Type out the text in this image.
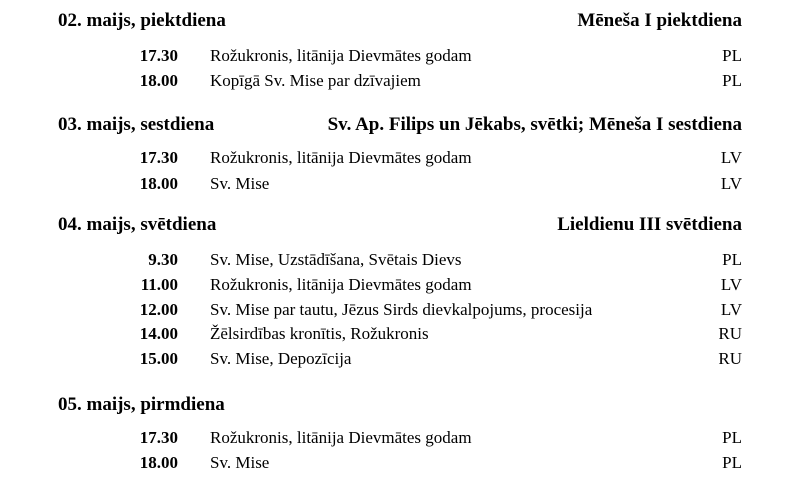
02. maijs, piektdiena	Mēneša I piektdiena
17.30 Rožukronis, litānija Dievmātes godam	PL
18.00 Kopīgā Sv. Mise par dzīvajiem	PL
03. maijs, sestdiena	Sv. Ap. Filips un Jēkabs, svētki; Mēneša I sestdiena
17.30 Rožukronis, litānija Dievmātes godam	LV
18.00 Sv. Mise	LV
04. maijs, svētdiena	Lieldienu III svētdiena
9.30 Sv. Mise, Uzstādīšana, Svētais Dievs	PL
11.00 Rožukronis, litānija Dievmātes godam	LV
12.00 Sv. Mise par tautu, Jēzus Sirds dievkalpojums, procesija	LV
14.00 Žēlsirdības kronītis, Rožukronis	RU
15.00 Sv. Mise, Depozīcija	RU
05. maijs, pirmdiena
17.30 Rožukronis, litānija Dievmātes godam	PL
18.00 Sv. Mise	PL
